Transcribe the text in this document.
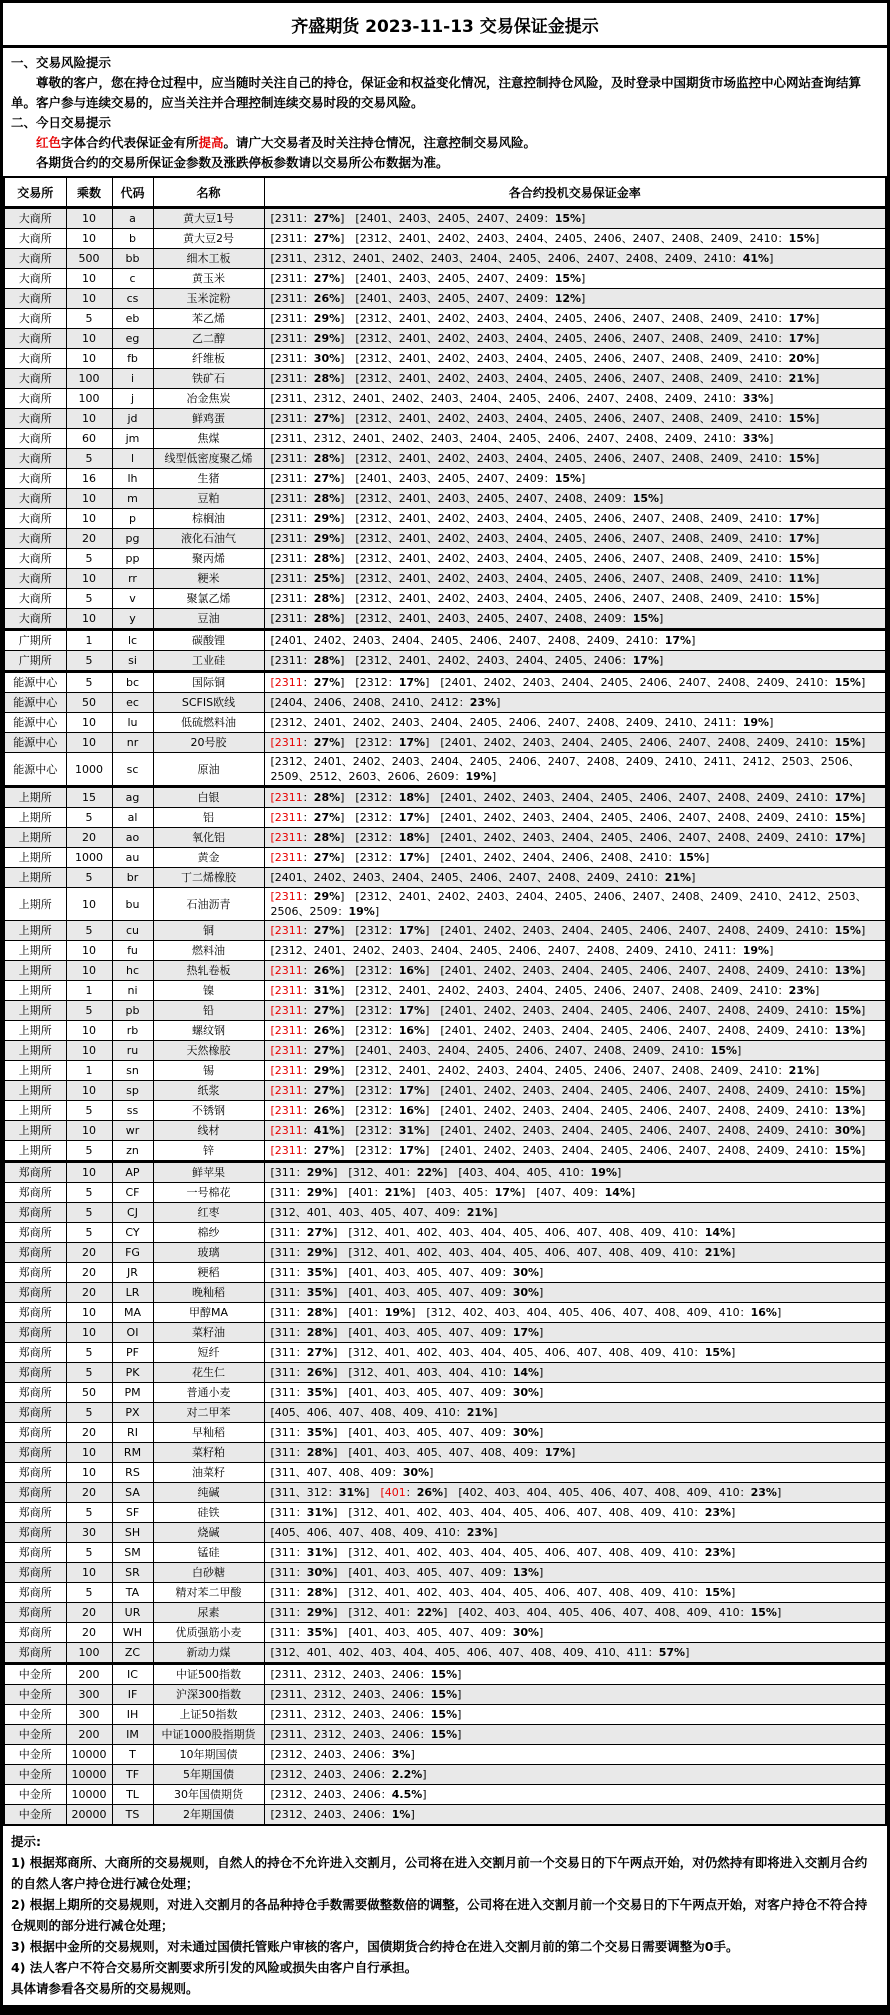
齐盛期货 2023-11-13 交易保证金提示
一、交易风险提示

尊敬的客户，您在持仓过程中，应当随时关注自己的持仓，保证金和权益变化情况，注意控制持仓风险，及时登录中国期货市场监控中心网站查询结算单。客户参与连续交易的，应当关注并合理控制连续交易时段的交易风险。

二、今日交易提示

红色字体合约代表保证金有所提高。请广大交易者及时关注持仓情况，注意控制交易风险。

各期货合约的交易所保证金参数及涨跌停板参数请以交易所公布数据为准。

交易所	乘数	代码	名称	各合约投机交易保证金率
大商所	10	a	黄大豆1号	[2311：27%]　[2401、2403、2405、2407、2409：15%]
大商所	10	b	黄大豆2号	[2311：27%]　[2312、2401、2402、2403、2404、2405、2406、2407、2408、2409、2410：15%]
大商所	500	bb	细木工板	[2311、2312、2401、2402、2403、2404、2405、2406、2407、2408、2409、2410：41%]
大商所	10	c	黄玉米	[2311：27%]　[2401、2403、2405、2407、2409：15%]
大商所	10	cs	玉米淀粉	[2311：26%]　[2401、2403、2405、2407、2409：12%]
大商所	5	eb	苯乙烯	[2311：29%]　[2312、2401、2402、2403、2404、2405、2406、2407、2408、2409、2410：17%]
大商所	10	eg	乙二醇	[2311：29%]　[2312、2401、2402、2403、2404、2405、2406、2407、2408、2409、2410：17%]
大商所	10	fb	纤维板	[2311：30%]　[2312、2401、2402、2403、2404、2405、2406、2407、2408、2409、2410：20%]
大商所	100	i	铁矿石	[2311：28%]　[2312、2401、2402、2403、2404、2405、2406、2407、2408、2409、2410：21%]
大商所	100	j	冶金焦炭	[2311、2312、2401、2402、2403、2404、2405、2406、2407、2408、2409、2410：33%]
大商所	10	jd	鲜鸡蛋	[2311：27%]　[2312、2401、2402、2403、2404、2405、2406、2407、2408、2409、2410：15%]
大商所	60	jm	焦煤	[2311、2312、2401、2402、2403、2404、2405、2406、2407、2408、2409、2410：33%]
大商所	5	l	线型低密度聚乙烯	[2311：28%]　[2312、2401、2402、2403、2404、2405、2406、2407、2408、2409、2410：15%]
大商所	16	lh	生猪	[2311：27%]　[2401、2403、2405、2407、2409：15%]
大商所	10	m	豆粕	[2311：28%]　[2312、2401、2403、2405、2407、2408、2409：15%]
大商所	10	p	棕榈油	[2311：29%]　[2312、2401、2402、2403、2404、2405、2406、2407、2408、2409、2410：17%]
大商所	20	pg	液化石油气	[2311：29%]　[2312、2401、2402、2403、2404、2405、2406、2407、2408、2409、2410：17%]
大商所	5	pp	聚丙烯	[2311：28%]　[2312、2401、2402、2403、2404、2405、2406、2407、2408、2409、2410：15%]
大商所	10	rr	粳米	[2311：25%]　[2312、2401、2402、2403、2404、2405、2406、2407、2408、2409、2410：11%]
大商所	5	v	聚氯乙烯	[2311：28%]　[2312、2401、2402、2403、2404、2405、2406、2407、2408、2409、2410：15%]
大商所	10	y	豆油	[2311：28%]　[2312、2401、2403、2405、2407、2408、2409：15%]
广期所	1	lc	碳酸锂	[2401、2402、2403、2404、2405、2406、2407、2408、2409、2410：17%]
广期所	5	si	工业硅	[2311：28%]　[2312、2401、2402、2403、2404、2405、2406：17%]
能源中心	5	bc	国际铜	[2311：27%]　[2312：17%]　[2401、2402、2403、2404、2405、2406、2407、2408、2409、2410：15%]
能源中心	50	ec	SCFIS欧线	[2404、2406、2408、2410、2412：23%]
能源中心	10	lu	低硫燃料油	[2312、2401、2402、2403、2404、2405、2406、2407、2408、2409、2410、2411：19%]
能源中心	10	nr	20号胶	[2311：27%]　[2312：17%]　[2401、2402、2403、2404、2405、2406、2407、2408、2409、2410：15%]
能源中心	1000	sc	原油	[2312、2401、2402、2403、2404、2405、2406、2407、2408、2409、2410、2411、2412、2503、2506、2509、2512、2603、2606、2609：19%]
上期所	15	ag	白银	[2311：28%]　[2312：18%]　[2401、2402、2403、2404、2405、2406、2407、2408、2409、2410：17%]
上期所	5	al	铝	[2311：27%]　[2312：17%]　[2401、2402、2403、2404、2405、2406、2407、2408、2409、2410：15%]
上期所	20	ao	氧化铝	[2311：28%]　[2312：18%]　[2401、2402、2403、2404、2405、2406、2407、2408、2409、2410：17%]
上期所	1000	au	黄金	[2311：27%]　[2312：17%]　[2401、2402、2404、2406、2408、2410：15%]
上期所	5	br	丁二烯橡胶	[2401、2402、2403、2404、2405、2406、2407、2408、2409、2410：21%]
上期所	10	bu	石油沥青	[2311：29%]　[2312、2401、2402、2403、2404、2405、2406、2407、2408、2409、2410、2412、2503、2506、2509：19%]
上期所	5	cu	铜	[2311：27%]　[2312：17%]　[2401、2402、2403、2404、2405、2406、2407、2408、2409、2410：15%]
上期所	10	fu	燃料油	[2312、2401、2402、2403、2404、2405、2406、2407、2408、2409、2410、2411：19%]
上期所	10	hc	热轧卷板	[2311：26%]　[2312：16%]　[2401、2402、2403、2404、2405、2406、2407、2408、2409、2410：13%]
上期所	1	ni	镍	[2311：31%]　[2312、2401、2402、2403、2404、2405、2406、2407、2408、2409、2410：23%]
上期所	5	pb	铅	[2311：27%]　[2312：17%]　[2401、2402、2403、2404、2405、2406、2407、2408、2409、2410：15%]
上期所	10	rb	螺纹钢	[2311：26%]　[2312：16%]　[2401、2402、2403、2404、2405、2406、2407、2408、2409、2410：13%]
上期所	10	ru	天然橡胶	[2311：27%]　[2401、2403、2404、2405、2406、2407、2408、2409、2410：15%]
上期所	1	sn	锡	[2311：29%]　[2312、2401、2402、2403、2404、2405、2406、2407、2408、2409、2410：21%]
上期所	10	sp	纸浆	[2311：27%]　[2312：17%]　[2401、2402、2403、2404、2405、2406、2407、2408、2409、2410：15%]
上期所	5	ss	不锈钢	[2311：26%]　[2312：16%]　[2401、2402、2403、2404、2405、2406、2407、2408、2409、2410：13%]
上期所	10	wr	线材	[2311：41%]　[2312：31%]　[2401、2402、2403、2404、2405、2406、2407、2408、2409、2410：30%]
上期所	5	zn	锌	[2311：27%]　[2312：17%]　[2401、2402、2403、2404、2405、2406、2407、2408、2409、2410：15%]
郑商所	10	AP	鲜苹果	[311：29%]　[312、401：22%]　[403、404、405、410：19%]
郑商所	5	CF	一号棉花	[311：29%]　[401：21%]　[403、405：17%]　[407、409：14%]
郑商所	5	CJ	红枣	[312、401、403、405、407、409：21%]
郑商所	5	CY	棉纱	[311：27%]　[312、401、402、403、404、405、406、407、408、409、410：14%]
郑商所	20	FG	玻璃	[311：29%]　[312、401、402、403、404、405、406、407、408、409、410：21%]
郑商所	20	JR	粳稻	[311：35%]　[401、403、405、407、409：30%]
郑商所	20	LR	晚籼稻	[311：35%]　[401、403、405、407、409：30%]
郑商所	10	MA	甲醇MA	[311：28%]　[401：19%]　[312、402、403、404、405、406、407、408、409、410：16%]
郑商所	10	OI	菜籽油	[311：28%]　[401、403、405、407、409：17%]
郑商所	5	PF	短纤	[311：27%]　[312、401、402、403、404、405、406、407、408、409、410：15%]
郑商所	5	PK	花生仁	[311：26%]　[312、401、403、404、410：14%]
郑商所	50	PM	普通小麦	[311：35%]　[401、403、405、407、409：30%]
郑商所	5	PX	对二甲苯	[405、406、407、408、409、410：21%]
郑商所	20	RI	早籼稻	[311：35%]　[401、403、405、407、409：30%]
郑商所	10	RM	菜籽粕	[311：28%]　[401、403、405、407、408、409：17%]
郑商所	10	RS	油菜籽	[311、407、408、409：30%]
郑商所	20	SA	纯碱	[311、312：31%]　[401：26%]　[402、403、404、405、406、407、408、409、410：23%]
郑商所	5	SF	硅铁	[311：31%]　[312、401、402、403、404、405、406、407、408、409、410：23%]
郑商所	30	SH	烧碱	[405、406、407、408、409、410：23%]
郑商所	5	SM	锰硅	[311：31%]　[312、401、402、403、404、405、406、407、408、409、410：23%]
郑商所	10	SR	白砂糖	[311：30%]　[401、403、405、407、409：13%]
郑商所	5	TA	精对苯二甲酸	[311：28%]　[312、401、402、403、404、405、406、407、408、409、410：15%]
郑商所	20	UR	尿素	[311：29%]　[312、401：22%]　[402、403、404、405、406、407、408、409、410：15%]
郑商所	20	WH	优质强筋小麦	[311：35%]　[401、403、405、407、409：30%]
郑商所	100	ZC	新动力煤	[312、401、402、403、404、405、406、407、408、409、410、411：57%]
中金所	200	IC	中证500指数	[2311、2312、2403、2406：15%]
中金所	300	IF	沪深300指数	[2311、2312、2403、2406：15%]
中金所	300	IH	上证50指数	[2311、2312、2403、2406：15%]
中金所	200	IM	中证1000股指期货	[2311、2312、2403、2406：15%]
中金所	10000	T	10年期国债	[2312、2403、2406：3%]
中金所	10000	TF	5年期国债	[2312、2403、2406：2.2%]
中金所	10000	TL	30年国债期货	[2312、2403、2406：4.5%]
中金所	20000	TS	2年期国债	[2312、2403、2406：1%]
提示:
1) 根据郑商所、大商所的交易规则，自然人的持仓不允许进入交割月，公司将在进入交割月前一个交易日的下午两点开始，对仍然持有即将进入交割月合约的自然人客户持仓进行减仓处理；
2) 根据上期所的交易规则，对进入交割月的各品种持仓手数需要做整数倍的调整，公司将在进入交割月前一个交易日的下午两点开始，对客户持仓不符合持仓规则的部分进行减仓处理；
3) 根据中金所的交易规则，对未通过国债托管账户审核的客户，国债期货合约持仓在进入交割月前的第二个交易日需要调整为0手。
4) 法人客户不符合交易所交割要求所引发的风险或损失由客户自行承担。
具体请参看各交易所的交易规则。
